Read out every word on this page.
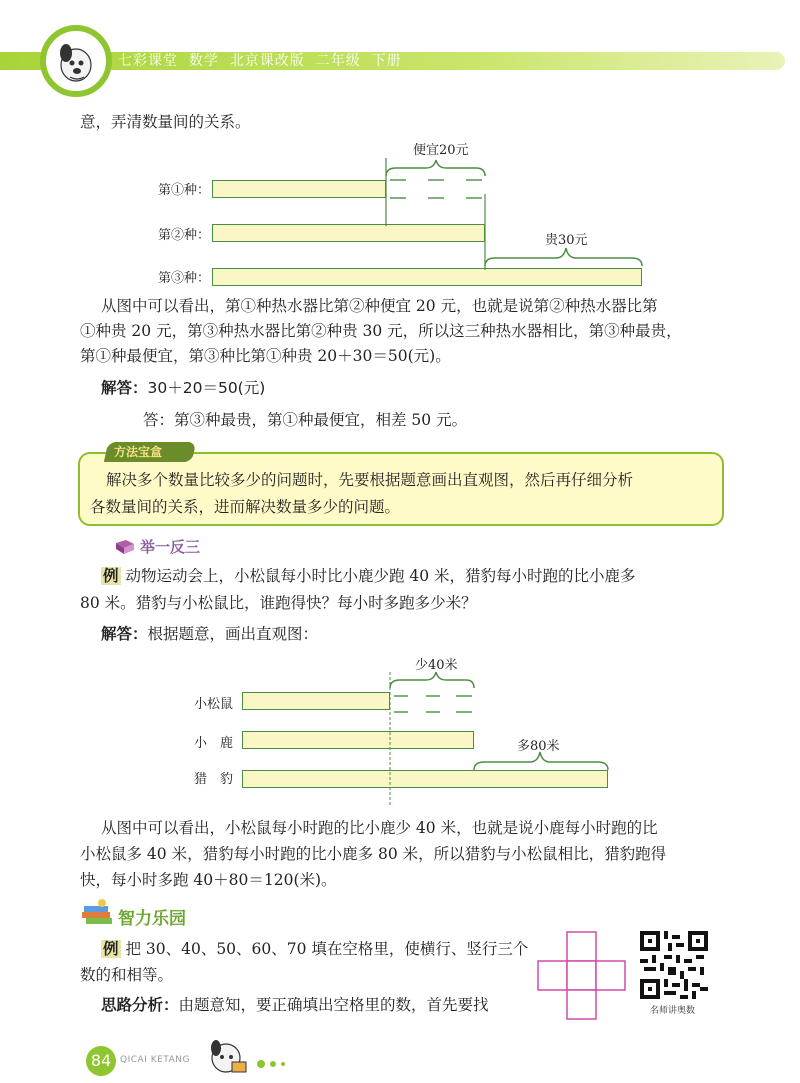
七彩课堂 数学 北京课改版 二年级 下册
意，弄清数量间的关系。
第①种：
第②种：
第③种：
便宜20元
贵30元
从图中可以看出，第①种热水器比第②种便宜 20 元，也就是说第②种热水器比第
①种贵 20 元，第③种热水器比第②种贵 30 元，所以这三种热水器相比，第③种最贵，
第①种最便宜，第③种比第①种贵 20＋30＝50(元)。
解答：30＋20＝50(元)
答：第③种最贵，第①种最便宜，相差 50 元。
方法宝盒
解决多个数量比较多少的问题时，先要根据题意画出直观图，然后再仔细分析
各数量间的关系，进而解决数量多少的问题。
举一反三
例 动物运动会上，小松鼠每小时比小鹿少跑 40 米，猎豹每小时跑的比小鹿多
80 米。猎豹与小松鼠比，谁跑得快？每小时多跑多少米？
解答：根据题意，画出直观图：
小松鼠
小　鹿
猎　豹
少40米
多80米
从图中可以看出，小松鼠每小时跑的比小鹿少 40 米，也就是说小鹿每小时跑的比
小松鼠多 40 米，猎豹每小时跑的比小鹿多 80 米，所以猎豹与小松鼠相比，猎豹跑得
快，每小时多跑 40＋80＝120(米)。
智力乐园
例 把 30、40、50、60、70 填在空格里，使横行、竖行三个
数的和相等。
思路分析：由题意知，要正确填出空格里的数，首先要找	名师讲奥数
84 QICAI KETANG
